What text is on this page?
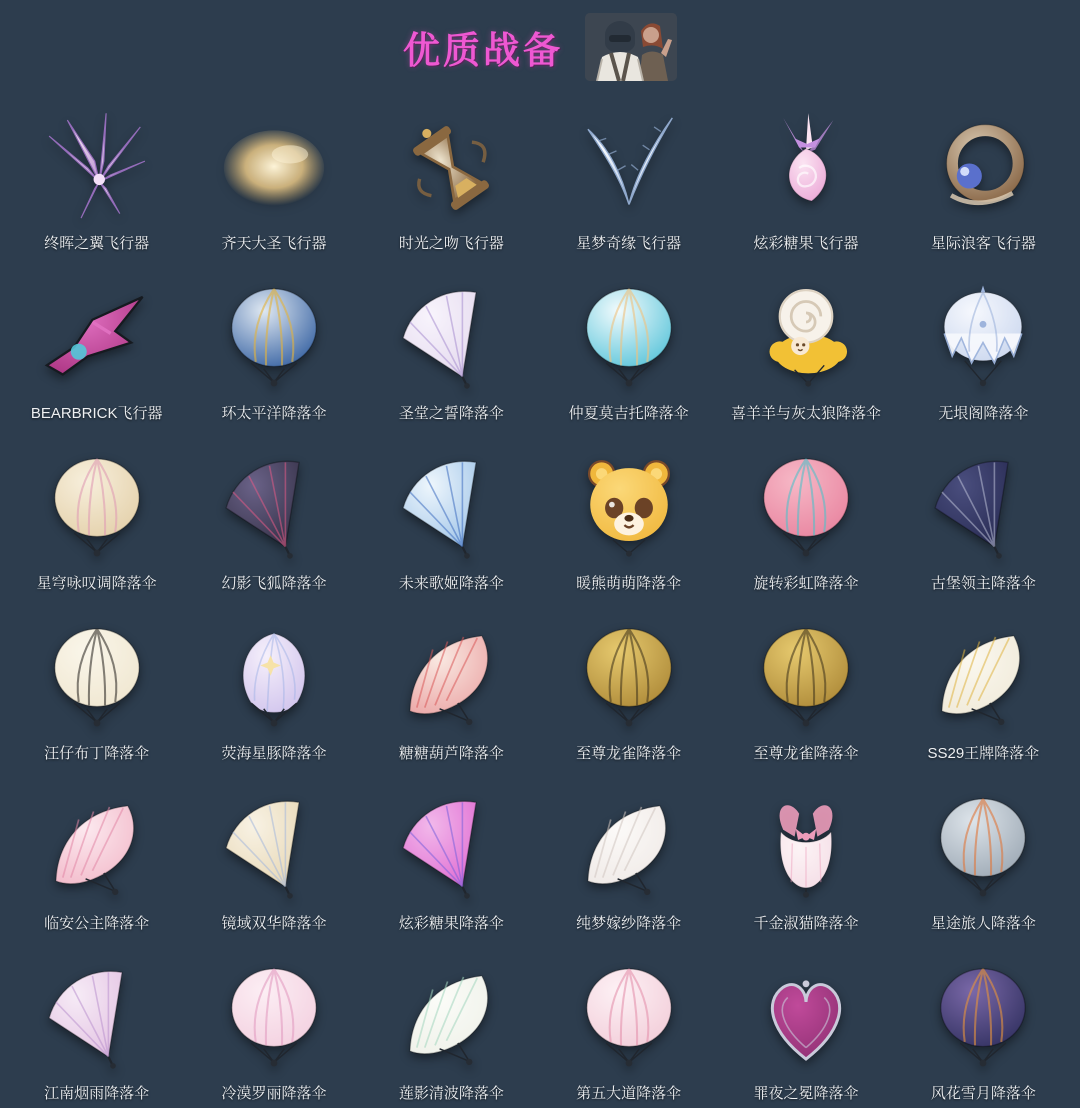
优质战备
终晖之翼飞行器	齐天大圣飞行器	时光之吻飞行器	星梦奇缘飞行器	炫彩糖果飞行器	星际浪客飞行器
BEARBRICK飞行器	环太平洋降落伞	圣堂之誓降落伞	仲夏莫吉托降落伞	喜羊羊与灰太狼降落伞	无垠阁降落伞
星穹咏叹调降落伞	幻影飞狐降落伞	未来歌姬降落伞	暖熊萌萌降落伞	旋转彩虹降落伞	古堡领主降落伞
汪仔布丁降落伞	荧海星豚降落伞	糖糖葫芦降落伞	至尊龙雀降落伞	至尊龙雀降落伞	SS29王牌降落伞
临安公主降落伞	镜域双华降落伞	炫彩糖果降落伞	纯梦嫁纱降落伞	千金淑猫降落伞	星途旅人降落伞
江南烟雨降落伞	冷漠罗丽降落伞	莲影清波降落伞	第五大道降落伞	罪夜之冕降落伞	风花雪月降落伞
